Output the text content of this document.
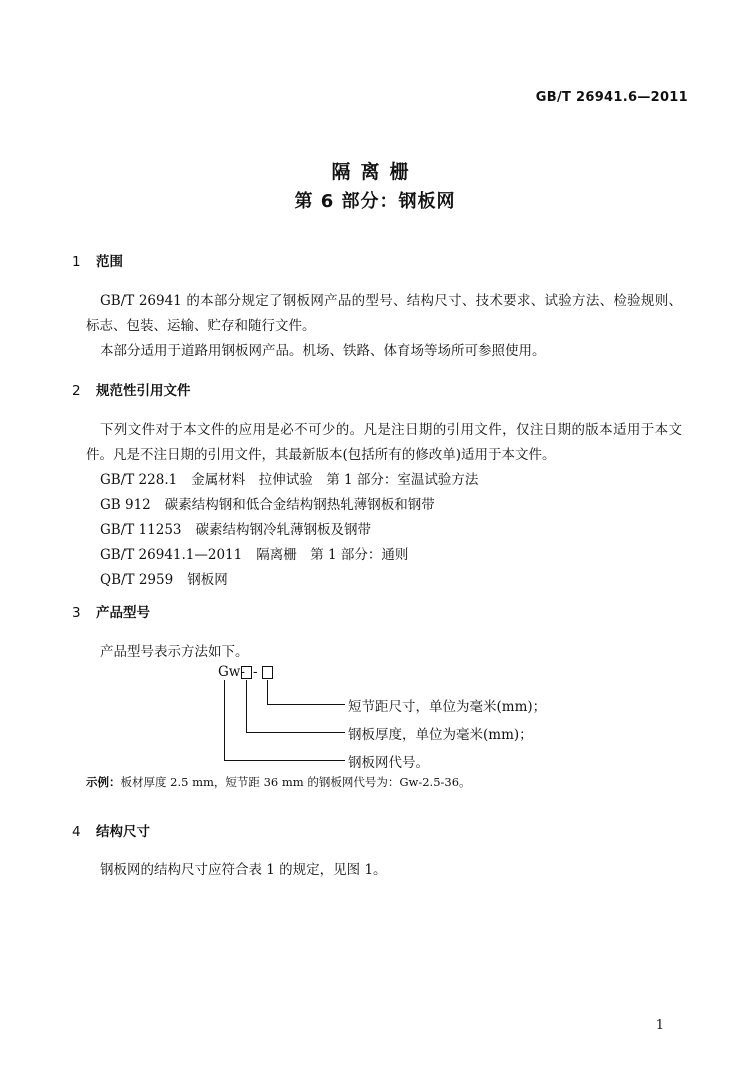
GB/T 26941.6—2011
隔离栅
第 6 部分：钢板网
1 范围
GB/T 26941 的本部分规定了钢板网产品的型号、结构尺寸、技术要求、试验方法、检验规则、标志、包装、运输、贮存和随行文件。
本部分适用于道路用钢板网产品。机场、铁路、体育场等场所可参照使用。
2 规范性引用文件
下列文件对于本文件的应用是必不可少的。凡是注日期的引用文件，仅注日期的版本适用于本文件。凡是不注日期的引用文件，其最新版本(包括所有的修改单)适用于本文件。
GB/T 228.1 金属材料　拉伸试验　第 1 部分：室温试验方法
GB 912 碳素结构钢和低合金结构钢热轧薄钢板和钢带
GB/T 11253 碳素结构钢冷轧薄钢板及钢带
GB/T 26941.1—2011 隔离栅　第 1 部分：通则
QB/T 2959 钢板网
3 产品型号
产品型号表示方法如下。
Gw- -
短节距尺寸，单位为毫米(mm)；
钢板厚度，单位为毫米(mm)；
钢板网代号。
示例：板材厚度 2.5 mm，短节距 36 mm 的钢板网代号为：Gw-2.5-36。
4 结构尺寸
钢板网的结构尺寸应符合表 1 的规定，见图 1。
1
